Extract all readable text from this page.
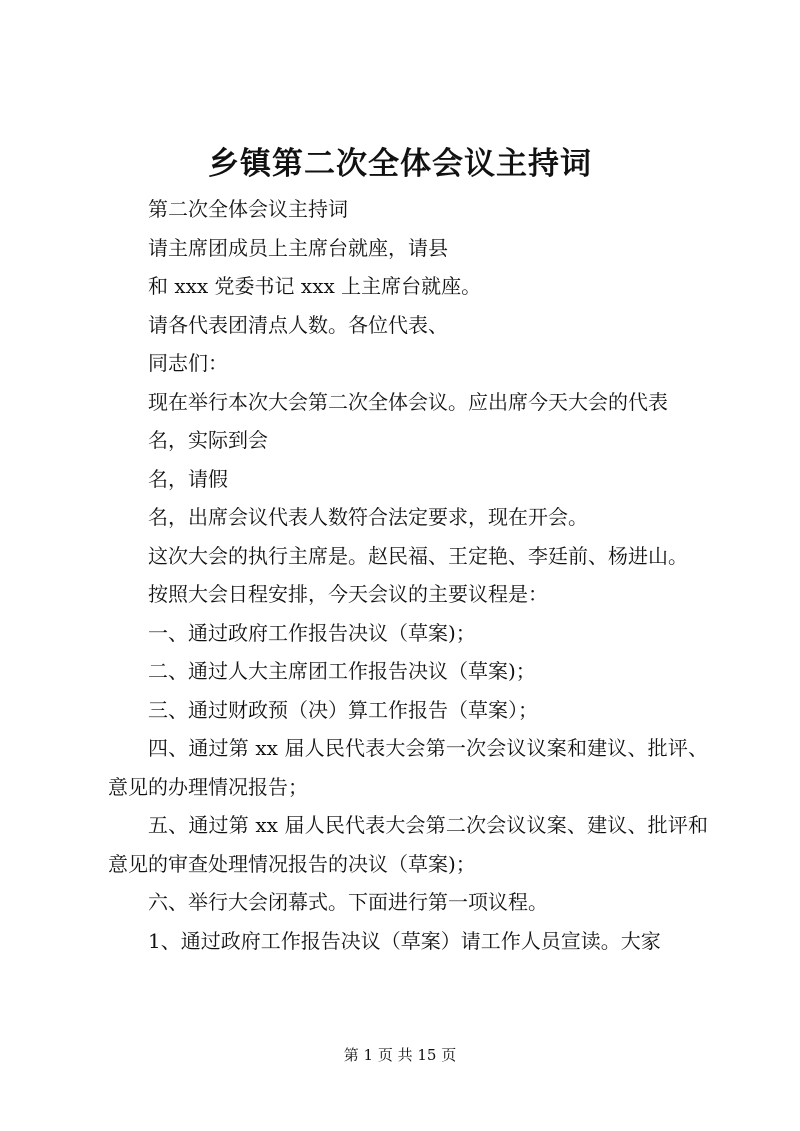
乡镇第二次全体会议主持词

第二次全体会议主持词

请主席团成员上主席台就座，请县

和 xxx 党委书记 xxx 上主席台就座。

请各代表团清点人数。各位代表、

同志们：

现在举行本次大会第二次全体会议。应出席今天大会的代表

名，实际到会

名，请假

名，出席会议代表人数符合法定要求，现在开会。

这次大会的执行主席是。赵民福、王定艳、李廷前、杨进山。

按照大会日程安排，今天会议的主要议程是：

一、通过政府工作报告决议（草案)；

二、通过人大主席团工作报告决议（草案)；

三、通过财政预（决）算工作报告（草案）；

四、通过第 xx 届人民代表大会第一次会议议案和建议、批评、意见的办理情况报告；

五、通过第 xx 届人民代表大会第二次会议议案、建议、批评和意见的审查处理情况报告的决议（草案)；

六、举行大会闭幕式。下面进行第一项议程。

1、通过政府工作报告决议（草案）请工作人员宣读。大家

第 1 页 共 15 页
